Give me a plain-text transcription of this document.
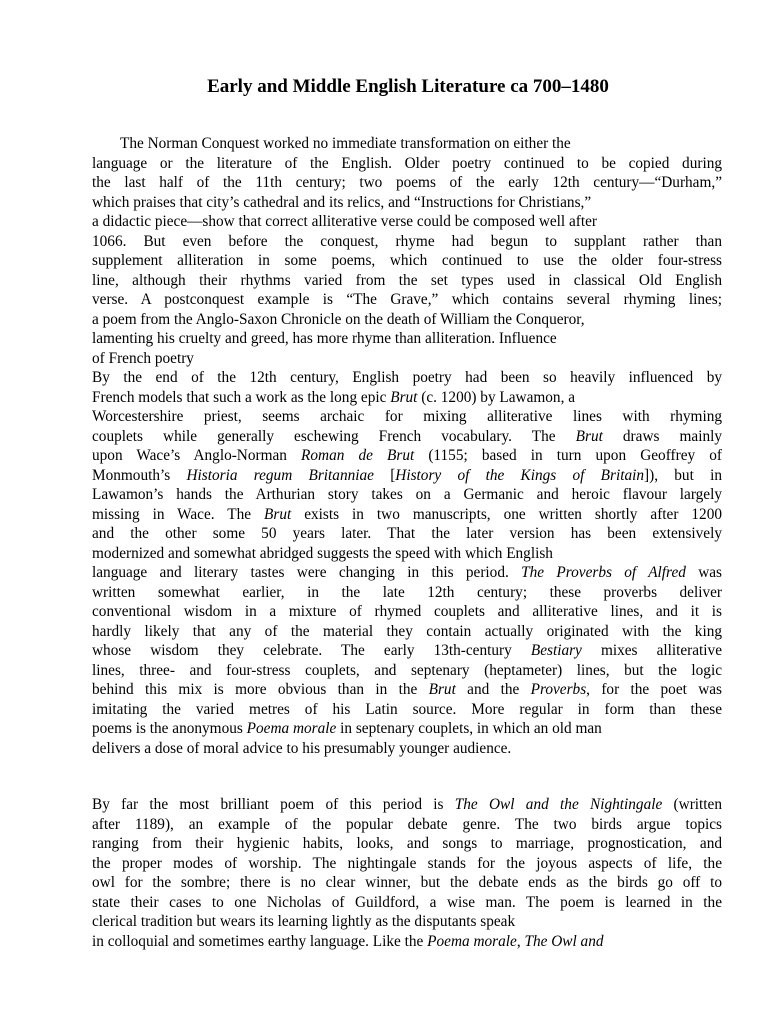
Early and Middle English Literature ca 700–1480
The Norman Conquest worked no immediate transformation on either the
language or the literature of the English. Older poetry continued to be copied during
the last half of the 11th century; two poems of the early 12th century—“Durham,”
which praises that city’s cathedral and its relics, and “Instructions for Christians,”
a didactic piece—show that correct alliterative verse could be composed well after
1066. But even before the conquest, rhyme had begun to supplant rather than
supplement alliteration in some poems, which continued to use the older four-stress
line, although their rhythms varied from the set types used in classical Old English
verse. A postconquest example is “The Grave,” which contains several rhyming lines;
a poem from the Anglo-Saxon Chronicle on the death of William the Conqueror,
lamenting his cruelty and greed, has more rhyme than alliteration. Influence
of French poetry
By the end of the 12th century, English poetry had been so heavily influenced by
French models that such a work as the long epic Brut (c. 1200) by Lawamon, a
Worcestershire priest, seems archaic for mixing alliterative lines with rhyming
couplets while generally eschewing French vocabulary. The Brut draws mainly
upon Wace’s Anglo-Norman Roman de Brut (1155; based in turn upon Geoffrey of
Monmouth’s Historia regum Britanniae [History of the Kings of Britain]), but in
Lawamon’s hands the Arthurian story takes on a Germanic and heroic flavour largely
missing in Wace. The Brut exists in two manuscripts, one written shortly after 1200
and the other some 50 years later. That the later version has been extensively
modernized and somewhat abridged suggests the speed with which English
language and literary tastes were changing in this period. The Proverbs of Alfred was
written somewhat earlier, in the late 12th century; these proverbs deliver
conventional wisdom in a mixture of rhymed couplets and alliterative lines, and it is
hardly likely that any of the material they contain actually originated with the king
whose wisdom they celebrate. The early 13th-century Bestiary mixes alliterative
lines, three- and four-stress couplets, and septenary (heptameter) lines, but the logic
behind this mix is more obvious than in the Brut and the Proverbs, for the poet was
imitating the varied metres of his Latin source. More regular in form than these
poems is the anonymous Poema morale in septenary couplets, in which an old man
delivers a dose of moral advice to his presumably younger audience.
By far the most brilliant poem of this period is The Owl and the Nightingale (written
after 1189), an example of the popular debate genre. The two birds argue topics
ranging from their hygienic habits, looks, and songs to marriage, prognostication, and
the proper modes of worship. The nightingale stands for the joyous aspects of life, the
owl for the sombre; there is no clear winner, but the debate ends as the birds go off to
state their cases to one Nicholas of Guildford, a wise man. The poem is learned in the
clerical tradition but wears its learning lightly as the disputants speak
in colloquial and sometimes earthy language. Like the Poema morale, The Owl and
